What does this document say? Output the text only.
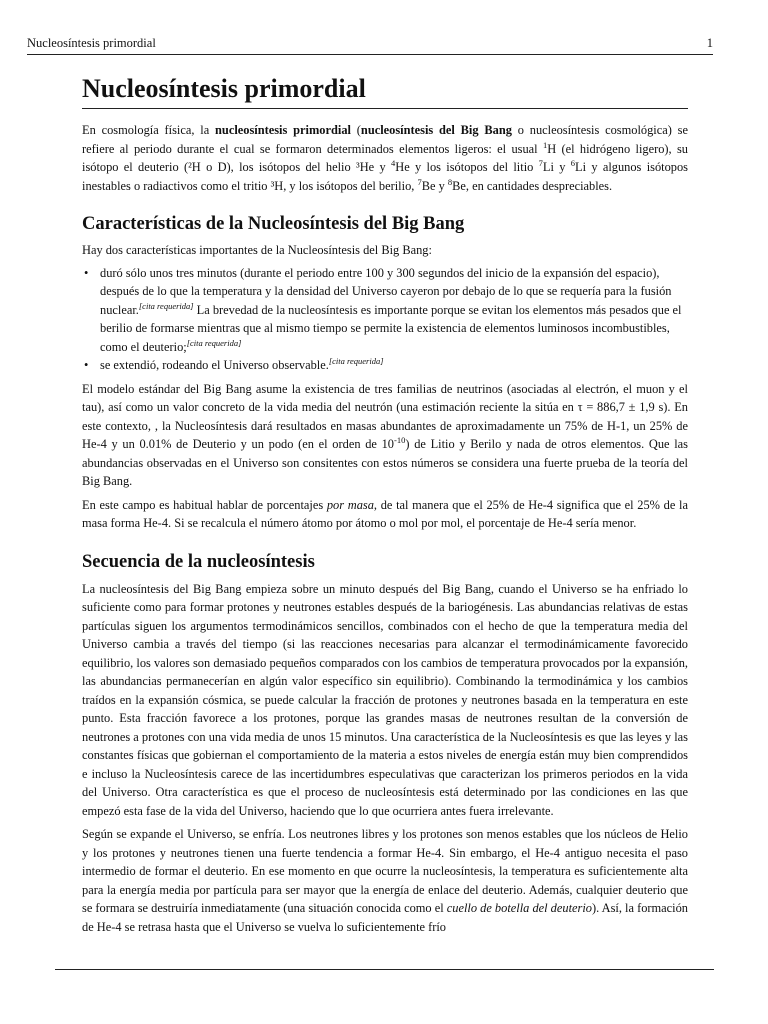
Nucleosíntesis primordial	1
Nucleosíntesis primordial

En cosmología física, la nucleosíntesis primordial (nucleosíntesis del Big Bang o nucleosíntesis cosmológica) se refiere al periodo durante el cual se formaron determinados elementos ligeros: el usual $^1$H (el hidrógeno ligero), su isótopo el deuterio (²H o D), los isótopos del helio ³He y $^4$He y los isótopos del litio $^7$Li y $^6$Li y algunos isótopos inestables o radiactivos como el tritio ³H, y los isótopos del berilio, $^7$Be y $^8$Be, en cantidades despreciables.

Características de la Nucleosíntesis del Big Bang

Hay dos características importantes de la Nucleosíntesis del Big Bang:

• duró sólo unos tres minutos (durante el periodo entre 100 y 300 segundos del inicio de la expansión del espacio), después de lo que la temperatura y la densidad del Universo cayeron por debajo de lo que se requería para la fusión nuclear.[cita requerida] La brevedad de la nucleosíntesis es importante porque se evitan los elementos más pesados que el berilio de formarse mientras que al mismo tiempo se permite la existencia de elementos luminosos incombustibles, como el deuterio;[cita requerida]
• se extendió, rodeando el Universo observable.[cita requerida]

El modelo estándar del Big Bang asume la existencia de tres familias de neutrinos (asociadas al electrón, el muon y el tau), así como un valor concreto de la vida media del neutrón (una estimación reciente la sitúa en τ = 886,7 ± 1,9 s). En este contexto, , la Nucleosíntesis dará resultados en masas abundantes de aproximadamente un 75% de H-1, un 25% de He-4 y un 0.01% de Deuterio y un podo (en el orden de $10^{-10}$) de Litio y Berilo y nada de otros elementos. Que las abundancias observadas en el Universo son consitentes con estos números se considera una fuerte prueba de la teoría del Big Bang.

En este campo es habitual hablar de porcentajes por masa, de tal manera que el 25% de He-4 significa que el 25% de la masa forma He-4. Si se recalcula el número átomo por átomo o mol por mol, el porcentaje de He-4 sería menor.

Secuencia de la nucleosíntesis

La nucleosíntesis del Big Bang empieza sobre un minuto después del Big Bang, cuando el Universo se ha enfriado lo suficiente como para formar protones y neutrones estables después de la bariogénesis. Las abundancias relativas de estas partículas siguen los argumentos termodinámicos sencillos, combinados con el hecho de que la temperatura media del Universo cambia a través del tiempo (si las reacciones necesarias para alcanzar el termodinámicamente favorecido equilibrio, los valores son demasiado pequeños comparados con los cambios de temperatura provocados por la expansión, las abundancias permanecerían en algún valor específico sin equilibrio). Combinando la termodinámica y los cambios traídos en la expansión cósmica, se puede calcular la fracción de protones y neutrones basada en la temperatura en este punto. Esta fracción favorece a los protones, porque las grandes masas de neutrones resultan de la conversión de neutrones a protones con una vida media de unos 15 minutos. Una característica de la Nucleosíntesis es que las leyes y las constantes físicas que gobiernan el comportamiento de la materia a estos niveles de energía están muy bien comprendidos e incluso la Nucleosíntesis carece de las incertidumbres especulativas que caracterizan los primeros periodos en la vida del Universo. Otra característica es que el proceso de nucleosíntesis está determinado por las condiciones en las que empezó esta fase de la vida del Universo, haciendo que lo que ocurriera antes fuera irrelevante.

Según se expande el Universo, se enfría. Los neutrones libres y los protones son menos estables que los núcleos de Helio y los protones y neutrones tienen una fuerte tendencia a formar He-4. Sin embargo, el He-4 antiguo necesita el paso intermedio de formar el deuterio. En ese momento en que ocurre la nucleosíntesis, la temperatura es suficientemente alta para la energía media por partícula para ser mayor que la energía de enlace del deuterio. Además, cualquier deuterio que se formara se destruiría inmediatamente (una situación conocida como el cuello de botella del deuterio). Así, la formación de He-4 se retrasa hasta que el Universo se vuelva lo suficientemente frío
